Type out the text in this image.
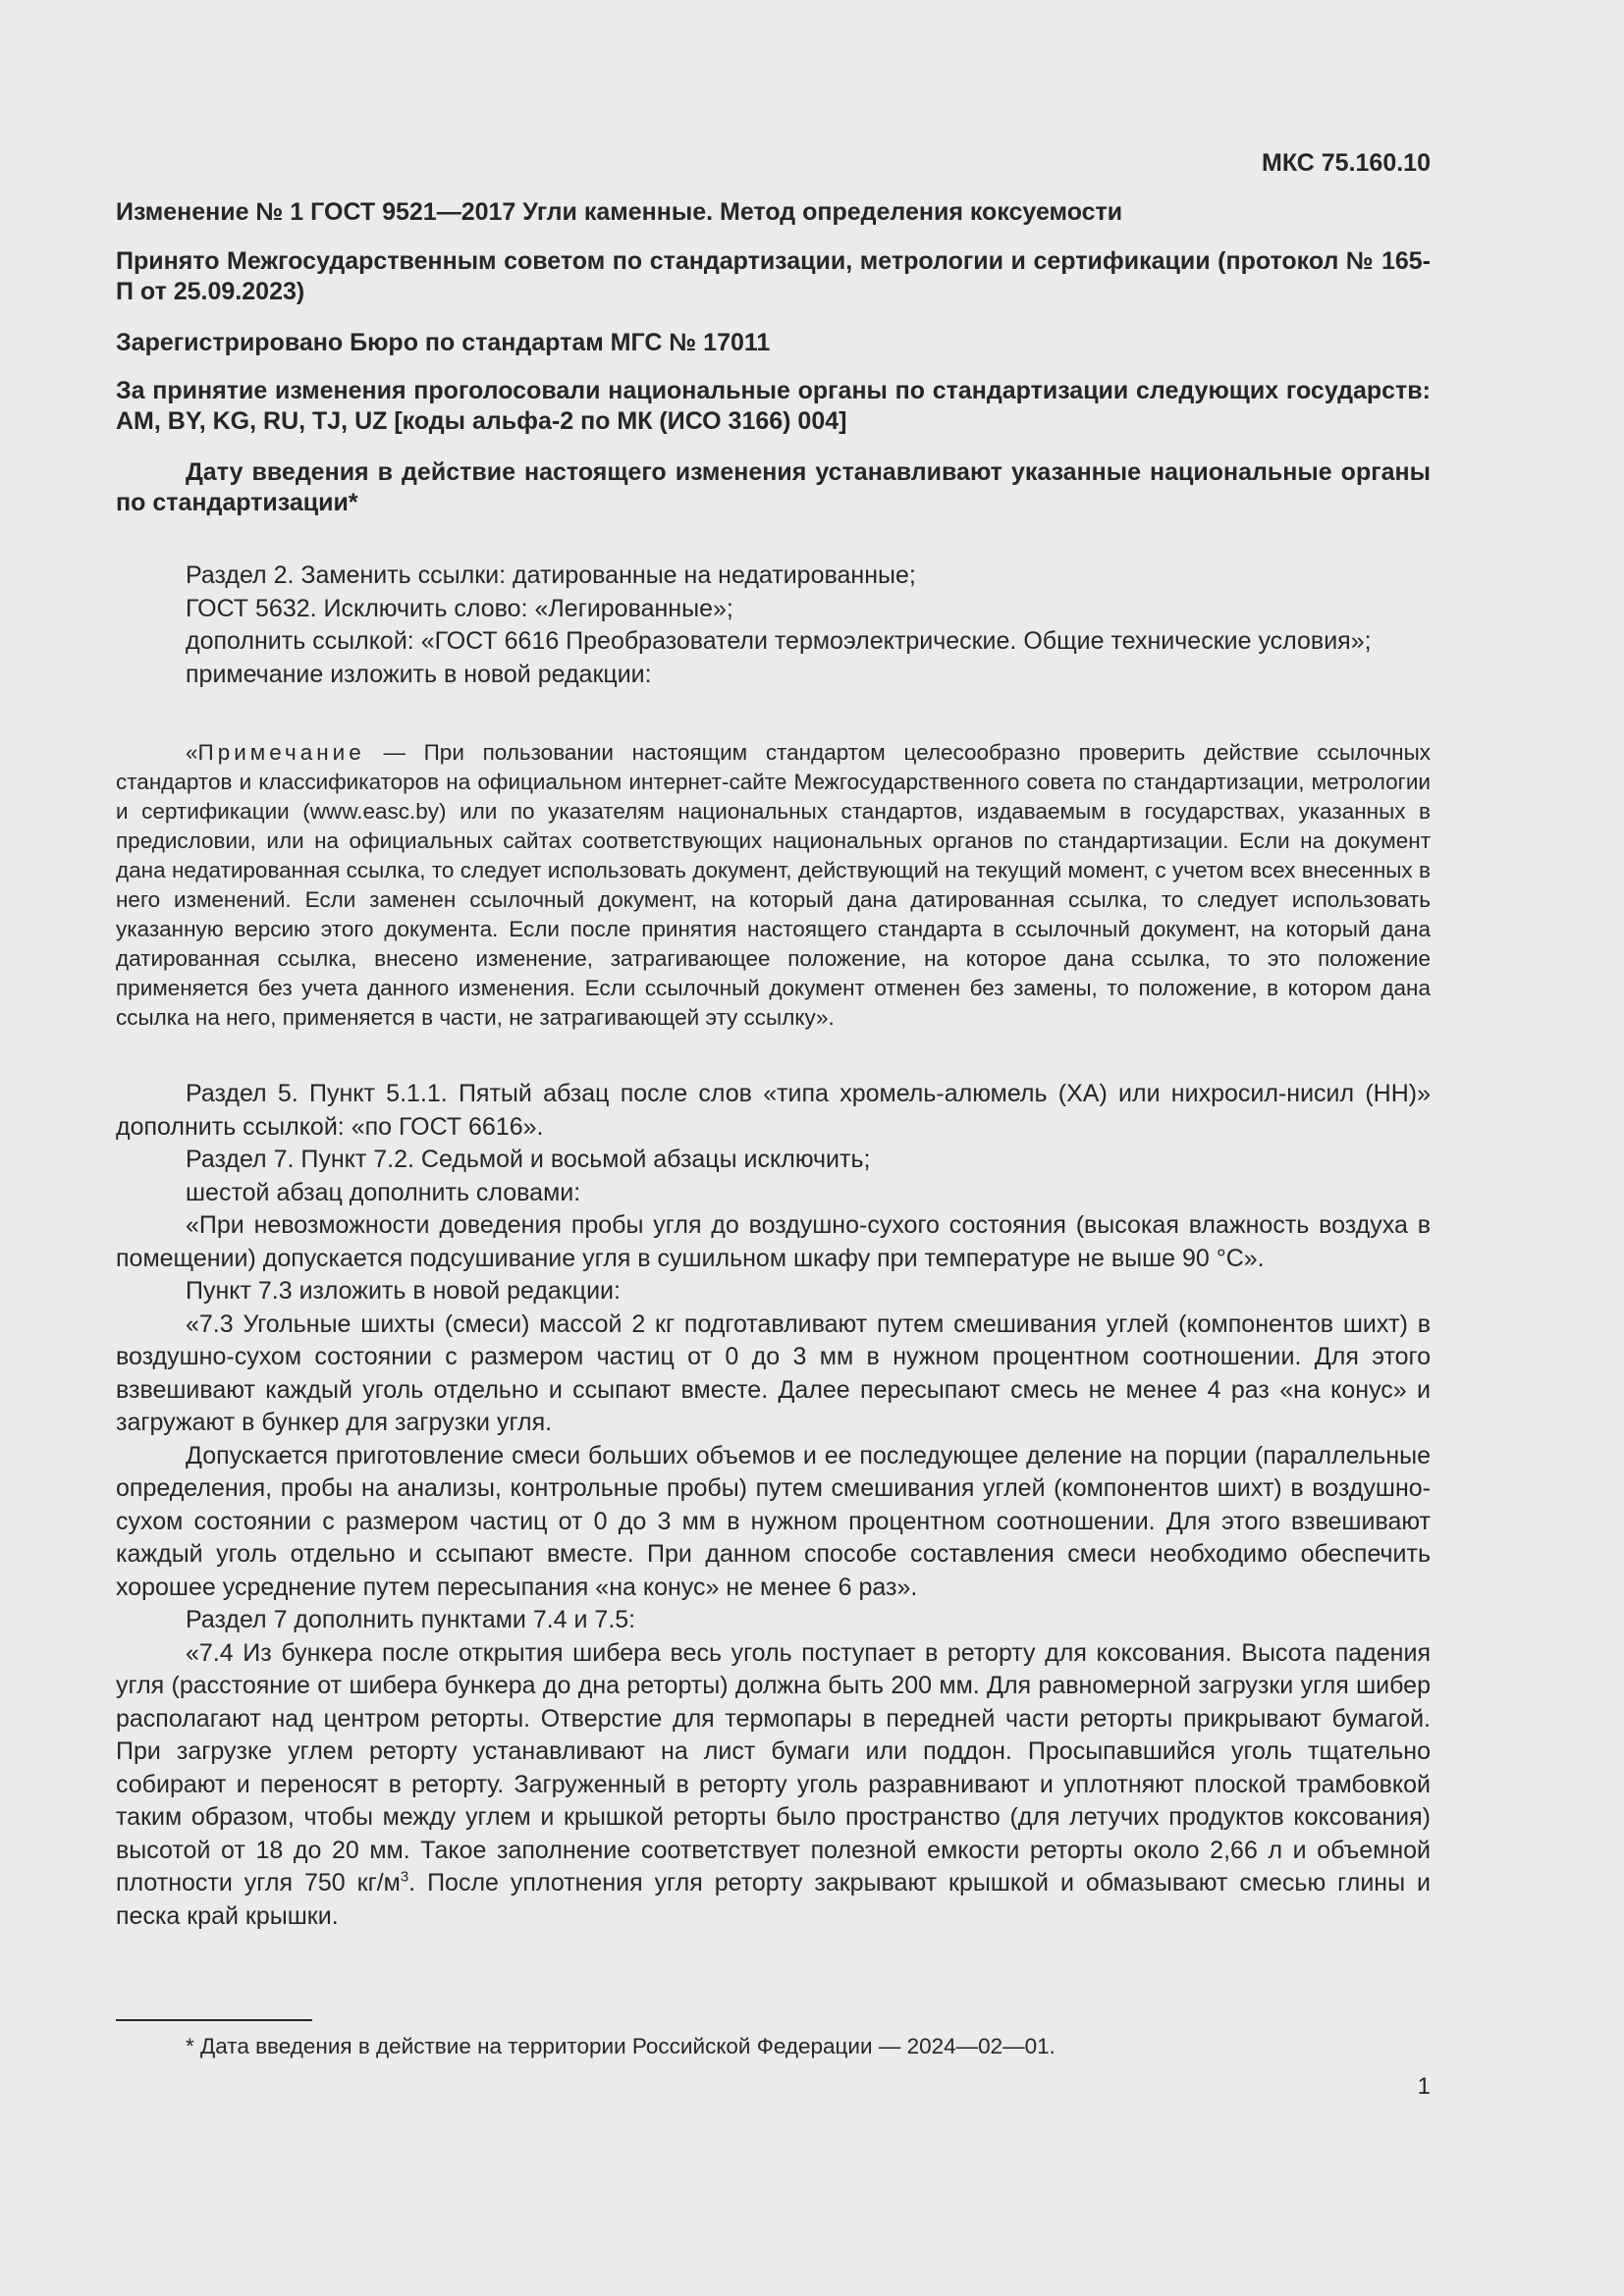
МКС 75.160.10

Изменение № 1 ГОСТ 9521—2017 Угли каменные. Метод определения коксуемости

Принято Межгосударственным советом по стандартизации, метрологии и сертификации (протокол № 165-П от 25.09.2023)

Зарегистрировано Бюро по стандартам МГС № 17011

За принятие изменения проголосовали национальные органы по стандартизации следующих государств: AM, BY, KG, RU, TJ, UZ [коды альфа-2 по МК (ИСО 3166) 004]

Дату введения в действие настоящего изменения устанавливают указанные национальные органы по стандартизации*

Раздел 2. Заменить ссылки: датированные на недатированные;

ГОСТ 5632. Исключить слово: «Легированные»;

дополнить ссылкой: «ГОСТ 6616 Преобразователи термоэлектрические. Общие технические условия»;

примечание изложить в новой редакции:

«Примечание — При пользовании настоящим стандартом целесообразно проверить действие ссылочных стандартов и классификаторов на официальном интернет-сайте Межгосударственного совета по стандартизации, метрологии и сертификации (www.easc.by) или по указателям национальных стандартов, издаваемым в государствах, указанных в предисловии, или на официальных сайтах соответствующих национальных органов по стандартизации. Если на документ дана недатированная ссылка, то следует использовать документ, действующий на текущий момент, с учетом всех внесенных в него изменений. Если заменен ссылочный документ, на который дана датированная ссылка, то следует использовать указанную версию этого документа. Если после принятия настоящего стандарта в ссылочный документ, на который дана датированная ссылка, внесено изменение, затрагивающее положение, на которое дана ссылка, то это положение применяется без учета данного изменения. Если ссылочный документ отменен без замены, то положение, в котором дана ссылка на него, применяется в части, не затрагивающей эту ссылку».

Раздел 5. Пункт 5.1.1. Пятый абзац после слов «типа хромель-алюмель (ХА) или нихросил-нисил (НН)» дополнить ссылкой: «по ГОСТ 6616».

Раздел 7. Пункт 7.2. Седьмой и восьмой абзацы исключить;

шестой абзац дополнить словами:

«При невозможности доведения пробы угля до воздушно-сухого состояния (высокая влажность воздуха в помещении) допускается подсушивание угля в сушильном шкафу при температуре не выше 90 °С».

Пункт 7.3 изложить в новой редакции:

«7.3 Угольные шихты (смеси) массой 2 кг подготавливают путем смешивания углей (компонентов шихт) в воздушно-сухом состоянии с размером частиц от 0 до 3 мм в нужном процентном соотношении. Для этого взвешивают каждый уголь отдельно и ссыпают вместе. Далее пересыпают смесь не менее 4 раз «на конус» и загружают в бункер для загрузки угля.

Допускается приготовление смеси больших объемов и ее последующее деление на порции (параллельные определения, пробы на анализы, контрольные пробы) путем смешивания углей (компонентов шихт) в воздушно-сухом состоянии с размером частиц от 0 до 3 мм в нужном процентном соотношении. Для этого взвешивают каждый уголь отдельно и ссыпают вместе. При данном способе составления смеси необходимо обеспечить хорошее усреднение путем пересыпания «на конус» не менее 6 раз».

Раздел 7 дополнить пунктами 7.4 и 7.5:

«7.4 Из бункера после открытия шибера весь уголь поступает в реторту для коксования. Высота падения угля (расстояние от шибера бункера до дна реторты) должна быть 200 мм. Для равномерной загрузки угля шибер располагают над центром реторты. Отверстие для термопары в передней части реторты прикрывают бумагой. При загрузке углем реторту устанавливают на лист бумаги или поддон. Просыпавшийся уголь тщательно собирают и переносят в реторту. Загруженный в реторту уголь разравнивают и уплотняют плоской трамбовкой таким образом, чтобы между углем и крышкой реторты было пространство (для летучих продуктов коксования) высотой от 18 до 20 мм. Такое заполнение соответствует полезной емкости реторты около 2,66 л и объемной плотности угля 750 $кг/м^3$. После уплотнения угля реторту закрывают крышкой и обмазывают смесью глины и песка край крышки.

* Дата введения в действие на территории Российской Федерации — 2024—02—01.
1
